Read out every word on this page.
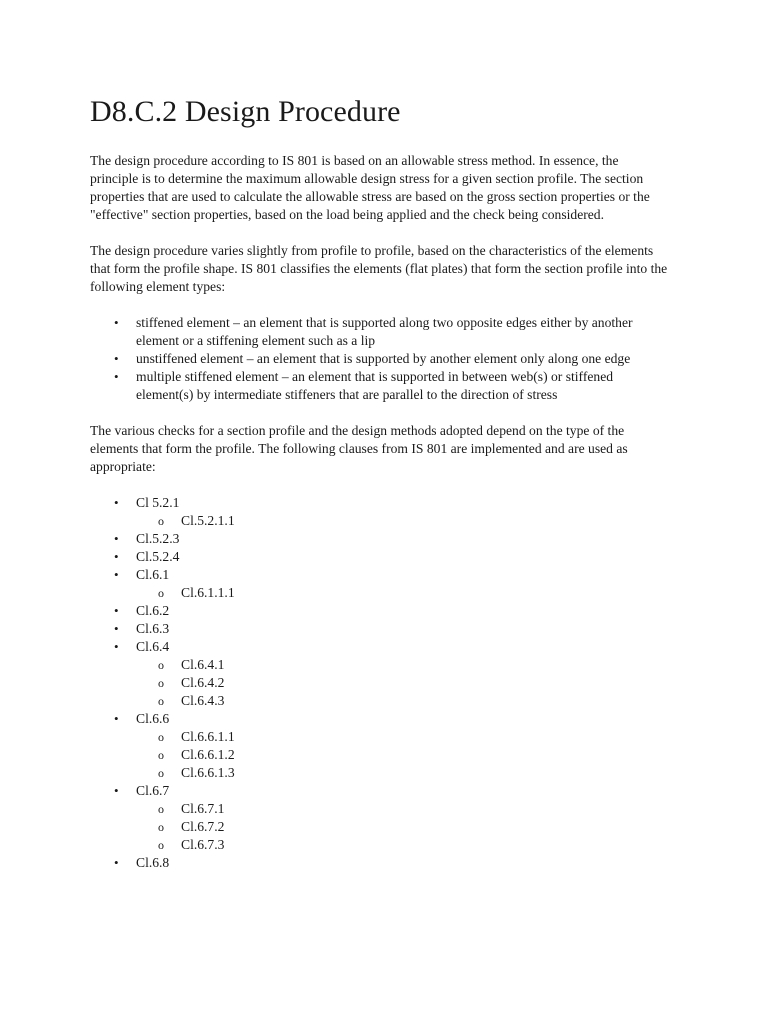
D8.C.2 Design Procedure

The design procedure according to IS 801 is based on an allowable stress method. In essence, the principle is to determine the maximum allowable design stress for a given section profile. The section properties that are used to calculate the allowable stress are based on the gross section properties or the "effective" section properties, based on the load being applied and the check being considered.

The design procedure varies slightly from profile to profile, based on the characteristics of the elements that form the profile shape. IS 801 classifies the elements (flat plates) that form the section profile into the following element types:

• stiffened element – an element that is supported along two opposite edges either by another element or a stiffening element such as a lip
• unstiffened element – an element that is supported by another element only along one edge
• multiple stiffened element – an element that is supported in between web(s) or stiffened element(s) by intermediate stiffeners that are parallel to the direction of stress

The various checks for a section profile and the design methods adopted depend on the type of the elements that form the profile. The following clauses from IS 801 are implemented and are used as appropriate:

• Cl 5.2.1
o Cl.5.2.1.1
• Cl.5.2.3
• Cl.5.2.4
• Cl.6.1
o Cl.6.1.1.1
• Cl.6.2
• Cl.6.3
• Cl.6.4
o Cl.6.4.1
o Cl.6.4.2
o Cl.6.4.3
• Cl.6.6
o Cl.6.6.1.1
o Cl.6.6.1.2
o Cl.6.6.1.3
• Cl.6.7
o Cl.6.7.1
o Cl.6.7.2
o Cl.6.7.3
• Cl.6.8
